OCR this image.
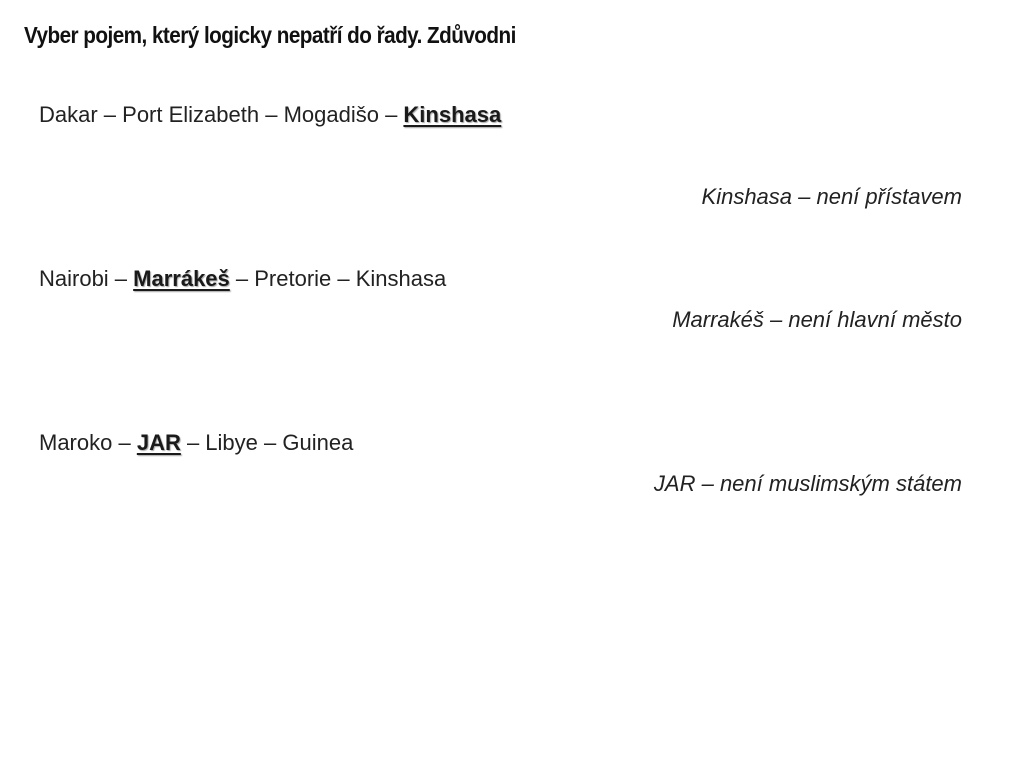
Vyber pojem, který logicky nepatří do řady. Zdůvodni
Dakar – Port Elizabeth – Mogadišo – Kinshasa
Kinshasa – není přístavem
Nairobi – Marrákeš – Pretorie – Kinshasa
Marrakéš – není hlavní město
Maroko – JAR – Libye – Guinea
JAR – není muslimským státem
